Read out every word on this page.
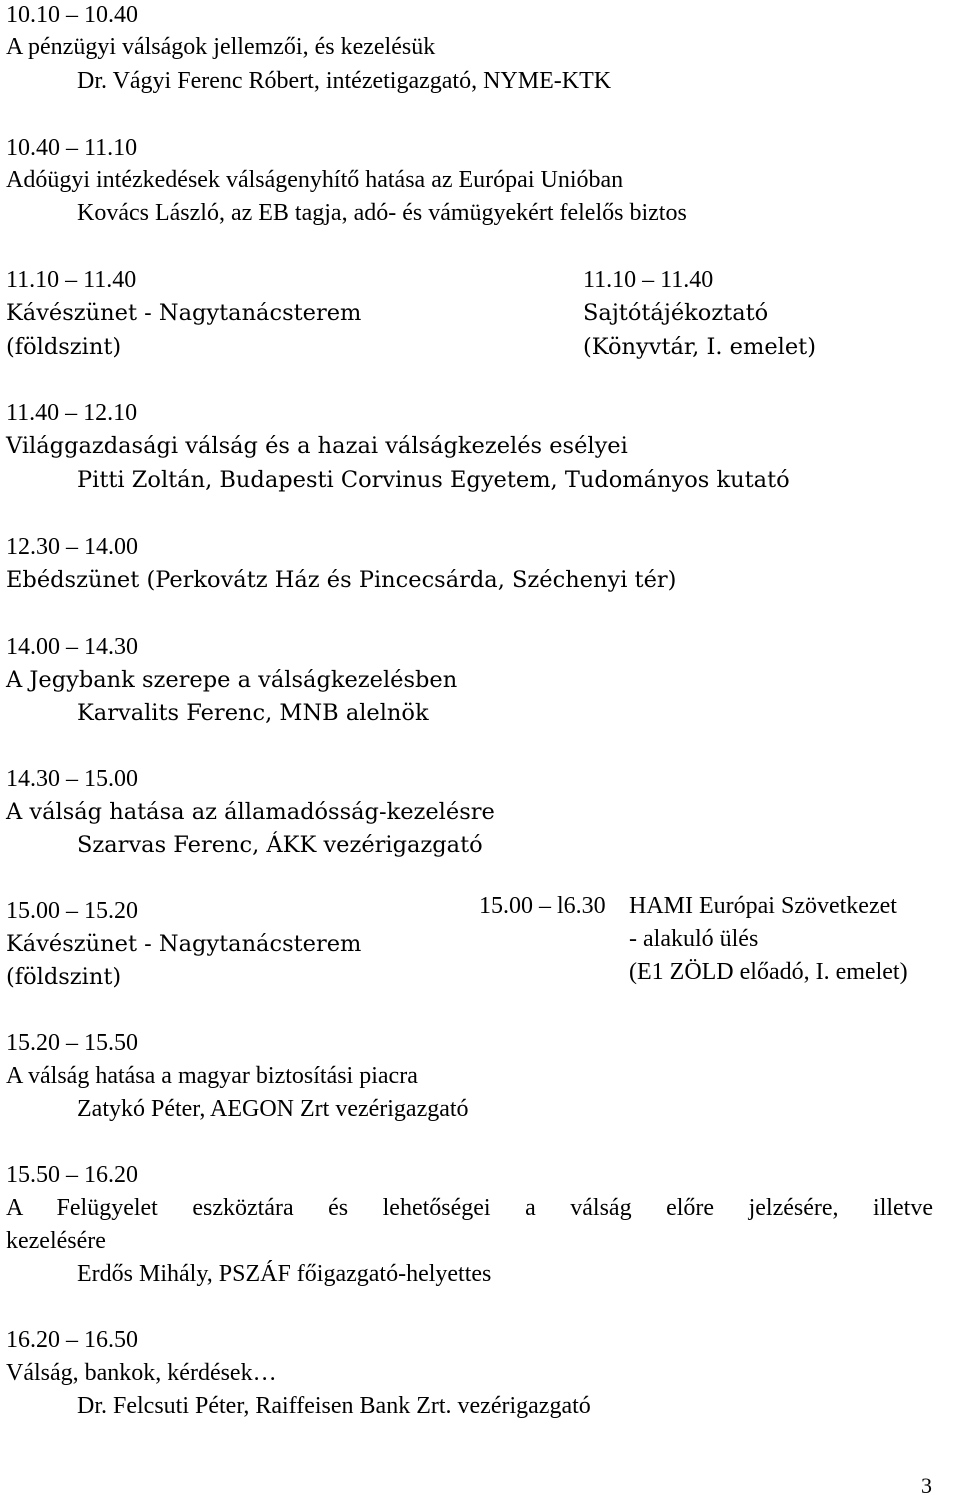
10.10 – 10.40
A pénzügyi válságok jellemzői, és kezelésük
Dr. Vágyi Ferenc Róbert, intézetigazgató, NYME-KTK
10.40 – 11.10
Adóügyi intézkedések válságenyhítő hatása az Európai Unióban
Kovács László, az EB tagja, adó- és vámügyekért felelős biztos
11.10 – 11.40
Kávészünet - Nagytanácsterem
(földszint)
11.10 – 11.40
Sajtótájékoztató
(Könyvtár, I. emelet)
11.40 – 12.10
Világgazdasági válság és a hazai válságkezelés esélyei
Pitti Zoltán, Budapesti Corvinus Egyetem, Tudományos kutató
12.30 – 14.00
Ebédszünet (Perkovátz Ház és Pincecsárda, Széchenyi tér)
14.00 – 14.30
A Jegybank szerepe a válságkezelésben
Karvalits Ferenc, MNB alelnök
14.30 – 15.00
A válság hatása az államadósság-kezelésre
Szarvas Ferenc, ÁKK vezérigazgató
15.00 – 15.20
Kávészünet - Nagytanácsterem
(földszint)
15.00 – l6.30 HAMI Európai Szövetkezet
- alakuló ülés
(E1 ZÖLD előadó, I. emelet)
15.20 – 15.50
A válság hatása a magyar biztosítási piacra
Zatykó Péter, AEGON Zrt vezérigazgató
15.50 – 16.20
A Felügyelet eszköztára és lehetőségei a válság előre jelzésére, illetve
kezelésére
Erdős Mihály, PSZÁF főigazgató-helyettes
16.20 – 16.50
Válság, bankok, kérdések…
Dr. Felcsuti Péter, Raiffeisen Bank Zrt. vezérigazgató
3
